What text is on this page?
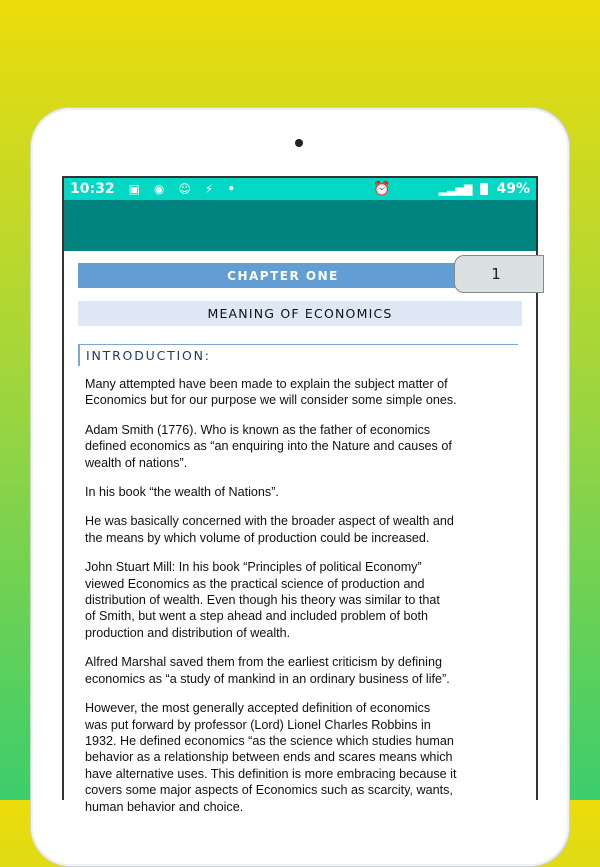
10:32 ▣ ◉ ☺ ⚡ •	⏰	▂▃▅▇ 49%
CHAPTER ONE	1
MEANING OF ECONOMICS
INTRODUCTION:

Many attempted have been made to explain the subject matter of
Economics but for our purpose we will consider some simple ones.

Adam Smith (1776). Who is known as the father of economics
defined economics as “an enquiring into the Nature and causes of
wealth of nations”.

In his book “the wealth of Nations”.

He was basically concerned with the broader aspect of wealth and
the means by which volume of production could be increased.

John Stuart Mill: In his book “Principles of political Economy”
viewed Economics as the practical science of production and
distribution of wealth. Even though his theory was similar to that
of Smith, but went a step ahead and included problem of both
production and distribution of wealth.

Alfred Marshal saved them from the earliest criticism by defining
economics as “a study of mankind in an ordinary business of life”.

However, the most generally accepted definition of economics
was put forward by professor (Lord) Lionel Charles Robbins in
1932. He defined economics “as the science which studies human
behavior as a relationship between ends and scares means which
have alternative uses. This definition is more embracing because it
covers some major aspects of Economics such as scarcity, wants,
human behavior and choice.
